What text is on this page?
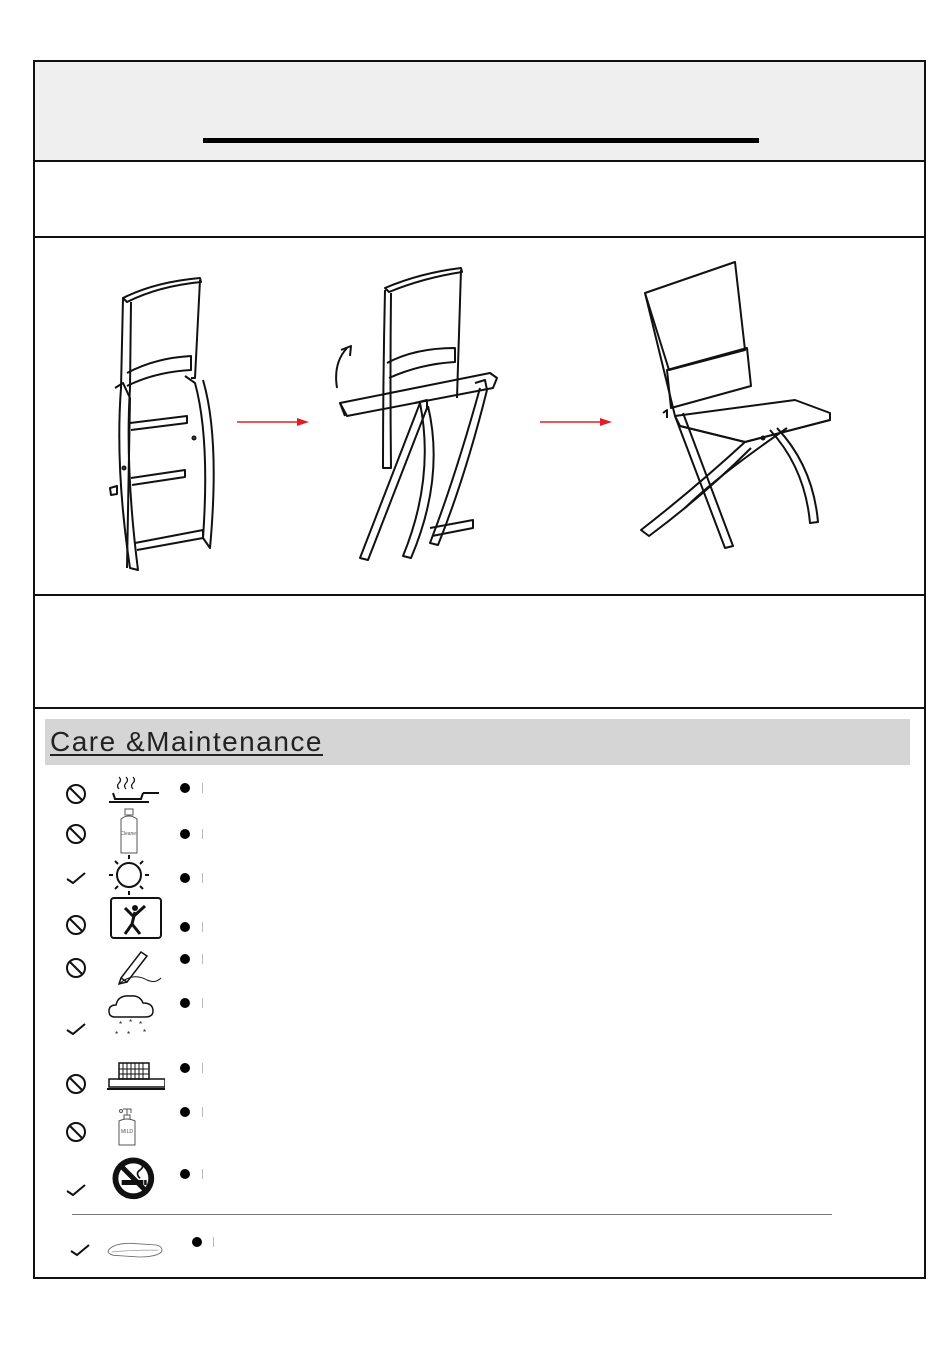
Care &Maintenance
Cleaner
* * *
* * *
MILD
